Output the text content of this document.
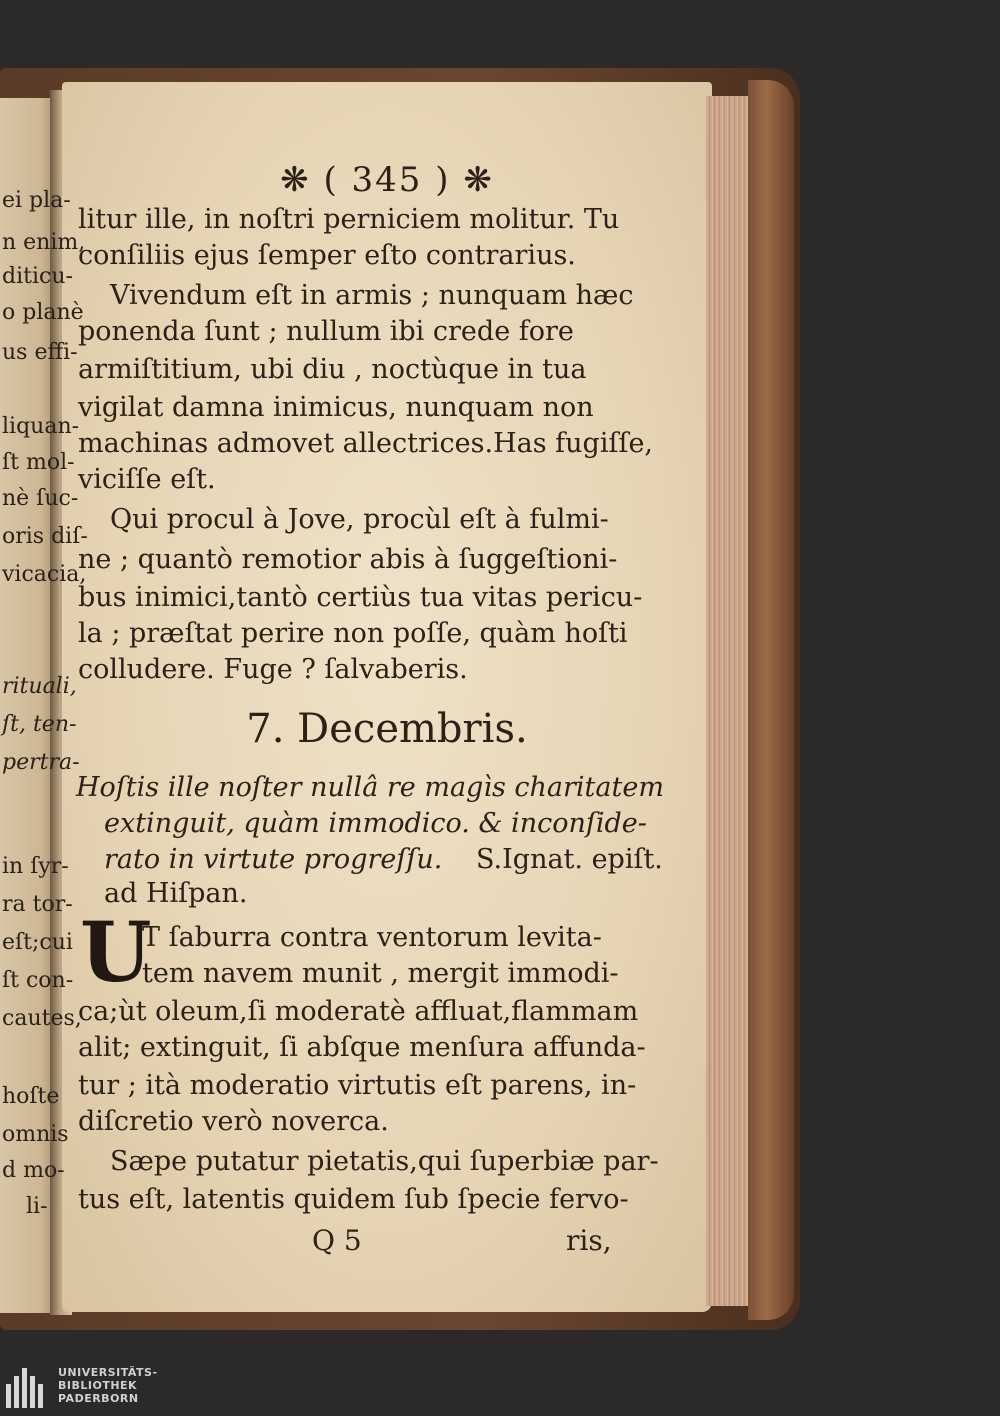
ei pla-
n enim,
diticu-
o planè
us effi-
liquan-
ſt mol-
nè ſuc-
oris diſ-
vicacia,
rituali,
ſt, ten-
pertra-
in ſyr-
ra tor-
eſt;cui
ſt con-
cautes,
hoſte
omnis
d mo-
li-
❋ ( 345 ) ❋
litur ille, in noſtri perniciem molitur. Tu
conſiliis ejus ſemper eſto contrarius.
Vivendum eſt in armis ; nunquam hæc
ponenda ſunt ; nullum ibi crede fore
armiſtitium, ubi diu , noctùque in tua
vigilat damna inimicus, nunquam non
machinas admovet allectrices.Has fugiſſe,
viciſſe eſt.
Qui procul à Jove, procùl eſt à fulmi-
ne ; quantò remotior abis à ſuggeſtioni-
bus inimici,tantò certiùs tua vitas pericu-
la ; præſtat perire non poſſe, quàm hoſti
colludere. Fuge ? ſalvaberis.
7. Decembris.
Hoſtis ille noſter nullâ re magìs charitatem
extinguit, quàm immodico. & inconſide-
rato in virtute progreſſu. S.Ignat. epiſt.
ad Hiſpan.
U
T ſaburra contra ventorum levita-
tem navem munit , mergit immodi-
ca;ùt oleum,ſi moderatè affluat,flammam
alit; extinguit, ſi abſque menſura affunda-
tur ; ità moderatio virtutis eſt parens, in-
diſcretio verò noverca.
Sæpe putatur pietatis,qui ſuperbiæ par-
tus eſt, latentis quidem ſub ſpecie fervo-
Q 5	ris,
UNIVERSITÄTS-
BIBLIOTHEK
PADERBORN
